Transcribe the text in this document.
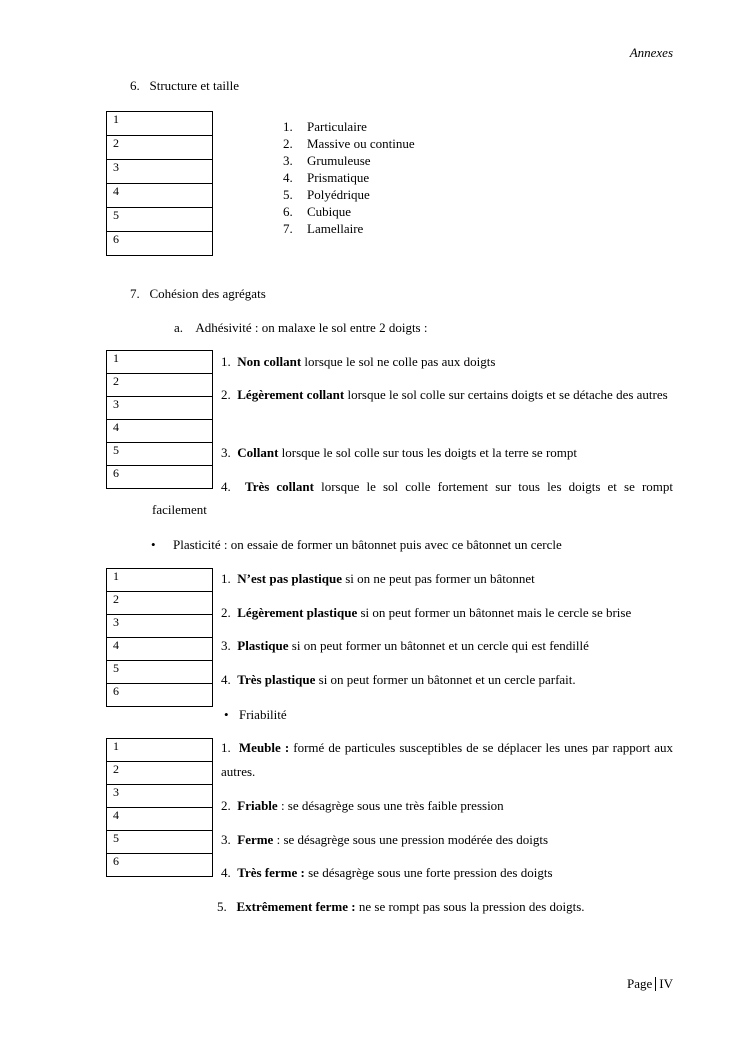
Annexes
6. Structure et taille
1
2
3
4
5
6
1. Particulaire
2. Massive ou continue
3. Grumuleuse
4. Prismatique
5. Polyédrique
6. Cubique
7. Lamellaire
7. Cohésion des agrégats
a. Adhésivité : on malaxe le sol entre 2 doigts :
1
2
3
4
5
6
1. Non collant lorsque le sol ne colle pas aux doigts
2. Légèrement collant lorsque le sol colle sur certains doigts et se détache des autres
3. Collant lorsque le sol colle sur tous les doigts et la terre se rompt
4. Très collant lorsque le sol colle fortement sur tous les doigts et se rompt
facilement
• Plasticité : on essaie de former un bâtonnet puis avec ce bâtonnet un cercle
1
2
3
4
5
6
1. N’est pas plastique si on ne peut pas former un bâtonnet
2. Légèrement plastique si on peut former un bâtonnet mais le cercle se brise
3. Plastique si on peut former un bâtonnet et un cercle qui est fendillé
4. Très plastique si on peut former un bâtonnet et un cercle parfait.
• Friabilité
1
2
3
4
5
6
1. Meuble : formé de particules susceptibles de se déplacer les unes par rapport aux autres.
2. Friable : se désagrège sous une très faible pression
3. Ferme : se désagrège sous une pression modérée des doigts
4. Très ferme : se désagrège sous une forte pression des doigts
5. Extrêmement ferme : ne se rompt pas sous la pression des doigts.
Page IV
